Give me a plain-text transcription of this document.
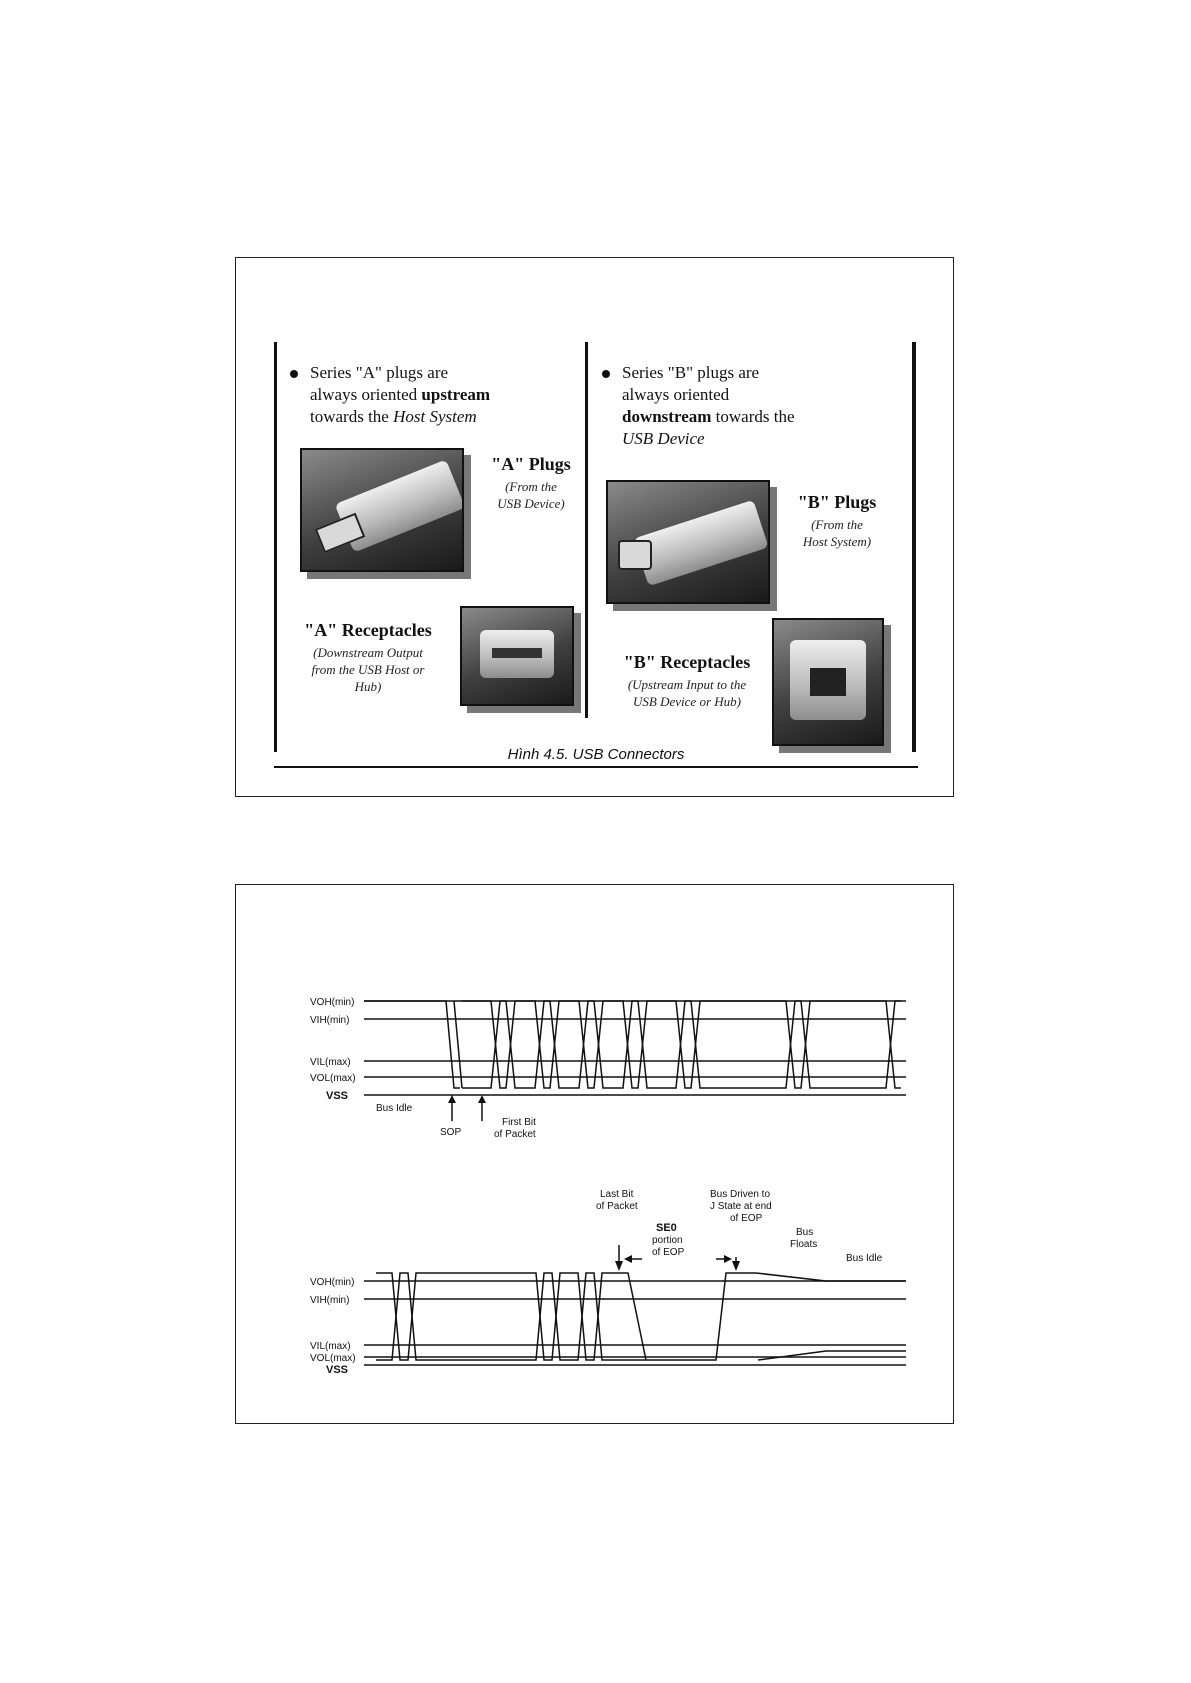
Series "A" plugs are
always oriented upstream
towards the Host System
"A" Plugs
(From the
USB Device)
"A" Receptacles
(Downstream Output
from the USB Host or
Hub)
Series "B" plugs are
always oriented
downstream towards the
USB Device
"B" Plugs
(From the
Host System)
"B" Receptacles
(Upstream Input to the
USB Device or Hub)
Hình 4.5. USB Connectors
VOH(min)
VIH(min)
VIL(max)
VOL(max)
VSS
Bus Idle
SOP
First Bit
of Packet
VOH(min)
VIH(min)
VIL(max)
VOL(max)
VSS
Last Bit
of Packet
SE0
portion
of EOP
Bus Driven to
J State at end
of EOP
Bus
Floats
Bus Idle
